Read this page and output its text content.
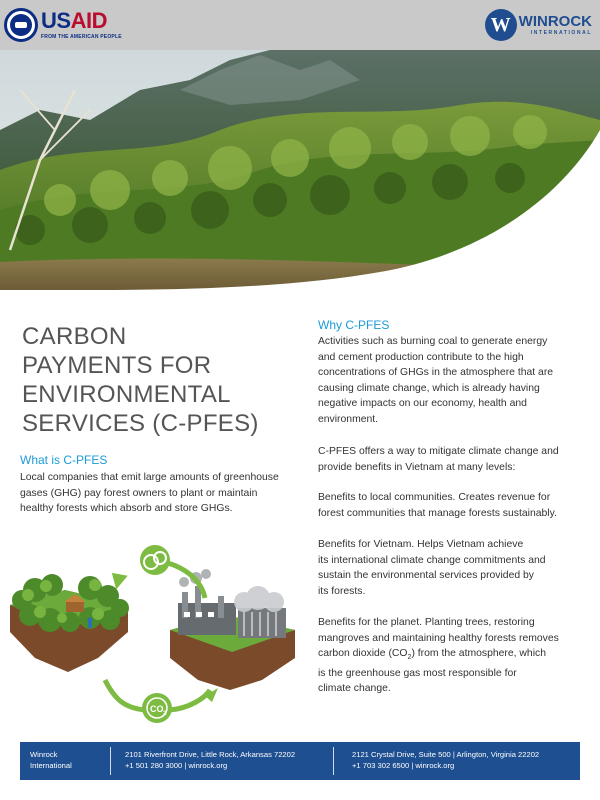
USAID
FROM THE AMERICAN PEOPLE
W WINROCK
INTERNATIONAL
CARBON
PAYMENTS FOR
ENVIRONMENTAL
SERVICES (C-PFES)
What is C-PFES
Local companies that emit large amounts of greenhouse gases (GHG) pay forest owners to plant or maintain healthy forests which absorb and store GHGs.
CO 2
Why C-PFES
Activities such as burning coal to generate energy
and cement production contribute to the high
concentrations of GHGs in the atmosphere that are
causing climate change, which is already having
negative impacts on our economy, health and
environment.
C-PFES offers a way to mitigate climate change and
provide benefits in Vietnam at many levels:
Benefits to local communities. Creates revenue for
forest communities that manage forests sustainably.
Benefits for Vietnam. Helps Vietnam achieve
its international climate change commitments and
sustain the environmental services provided by
its forests.
Benefits for the planet. Planting trees, restoring
mangroves and maintaining healthy forests removes
carbon dioxide $(CO_2)$ from the atmosphere, which
is the greenhouse gas most responsible for
climate change.
Winrock
International
2101 Riverfront Drive, Little Rock, Arkansas 72202
+1 501 280 3000 | winrock.org
2121 Crystal Drive, Suite 500 | Arlington, Virginia 22202
+1 703 302 6500 | winrock.org
